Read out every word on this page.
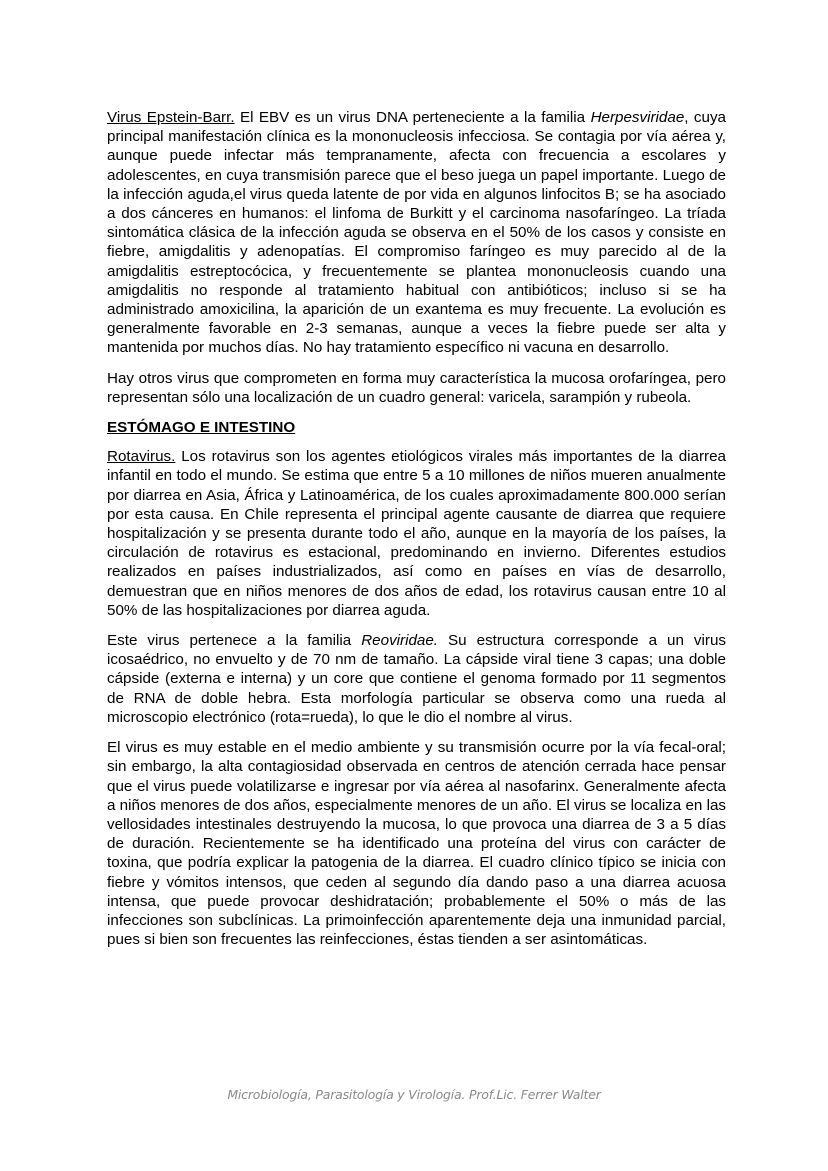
Virus Epstein-Barr. El EBV es un virus DNA perteneciente a la familia Herpesviridae, cuya principal manifestación clínica es la mononucleosis infecciosa. Se contagia por vía aérea y, aunque puede infectar más tempranamente, afecta con frecuencia a escolares y adolescentes, en cuya transmisión parece que el beso juega un papel importante. Luego de la infección aguda,el virus queda latente de por vida en algunos linfocitos B; se ha asociado a dos cánceres en humanos: el linfoma de Burkitt y el carcinoma nasofaríngeo. La tríada sintomática clásica de la infección aguda se observa en el 50% de los casos y consiste en fiebre, amigdalitis y adenopatías. El compromiso faríngeo es muy parecido al de la amigdalitis estreptocócica, y frecuentemente se plantea mononucleosis cuando una amigdalitis no responde al tratamiento habitual con antibióticos; incluso si se ha administrado amoxicilina, la aparición de un exantema es muy frecuente. La evolución es generalmente favorable en 2-3 semanas, aunque a veces la fiebre puede ser alta y mantenida por muchos días. No hay tratamiento específico ni vacuna en desarrollo.

Hay otros virus que comprometen en forma muy característica la mucosa orofaríngea, pero representan sólo una localización de un cuadro general: varicela, sarampión y rubeola.

ESTÓMAGO E INTESTINO

Rotavirus. Los rotavirus son los agentes etiológicos virales más importantes de la diarrea infantil en todo el mundo. Se estima que entre 5 a 10 millones de niños mueren anualmente por diarrea en Asia, África y Latinoamérica, de los cuales aproximadamente 800.000 serían por esta causa. En Chile representa el principal agente causante de diarrea que requiere hospitalización y se presenta durante todo el año, aunque en la mayoría de los países, la circulación de rotavirus es estacional, predominando en invierno. Diferentes estudios realizados en países industrializados, así como en países en vías de desarrollo, demuestran que en niños menores de dos años de edad, los rotavirus causan entre 10 al 50% de las hospitalizaciones por diarrea aguda.

Este virus pertenece a la familia Reoviridae. Su estructura corresponde a un virus icosaédrico, no envuelto y de 70 nm de tamaño. La cápside viral tiene 3 capas; una doble cápside (externa e interna) y un core que contiene el genoma formado por 11 segmentos de RNA de doble hebra. Esta morfología particular se observa como una rueda al microscopio electrónico (rota=rueda), lo que le dio el nombre al virus.

El virus es muy estable en el medio ambiente y su transmisión ocurre por la vía fecal-oral; sin embargo, la alta contagiosidad observada en centros de atención cerrada hace pensar que el virus puede volatilizarse e ingresar por vía aérea al nasofarinx. Generalmente afecta a niños menores de dos años, especialmente menores de un año. El virus se localiza en las vellosidades intestinales destruyendo la mucosa, lo que provoca una diarrea de 3 a 5 días de duración. Recientemente se ha identificado una proteína del virus con carácter de toxina, que podría explicar la patogenia de la diarrea. El cuadro clínico típico se inicia con fiebre y vómitos intensos, que ceden al segundo día dando paso a una diarrea acuosa intensa, que puede provocar deshidratación; probablemente el 50% o más de las infecciones son subclínicas. La primoinfección aparentemente deja una inmunidad parcial, pues si bien son frecuentes las reinfecciones, éstas tienden a ser asintomáticas.

Microbiología, Parasitología y Virología. Prof.Lic. Ferrer Walter
